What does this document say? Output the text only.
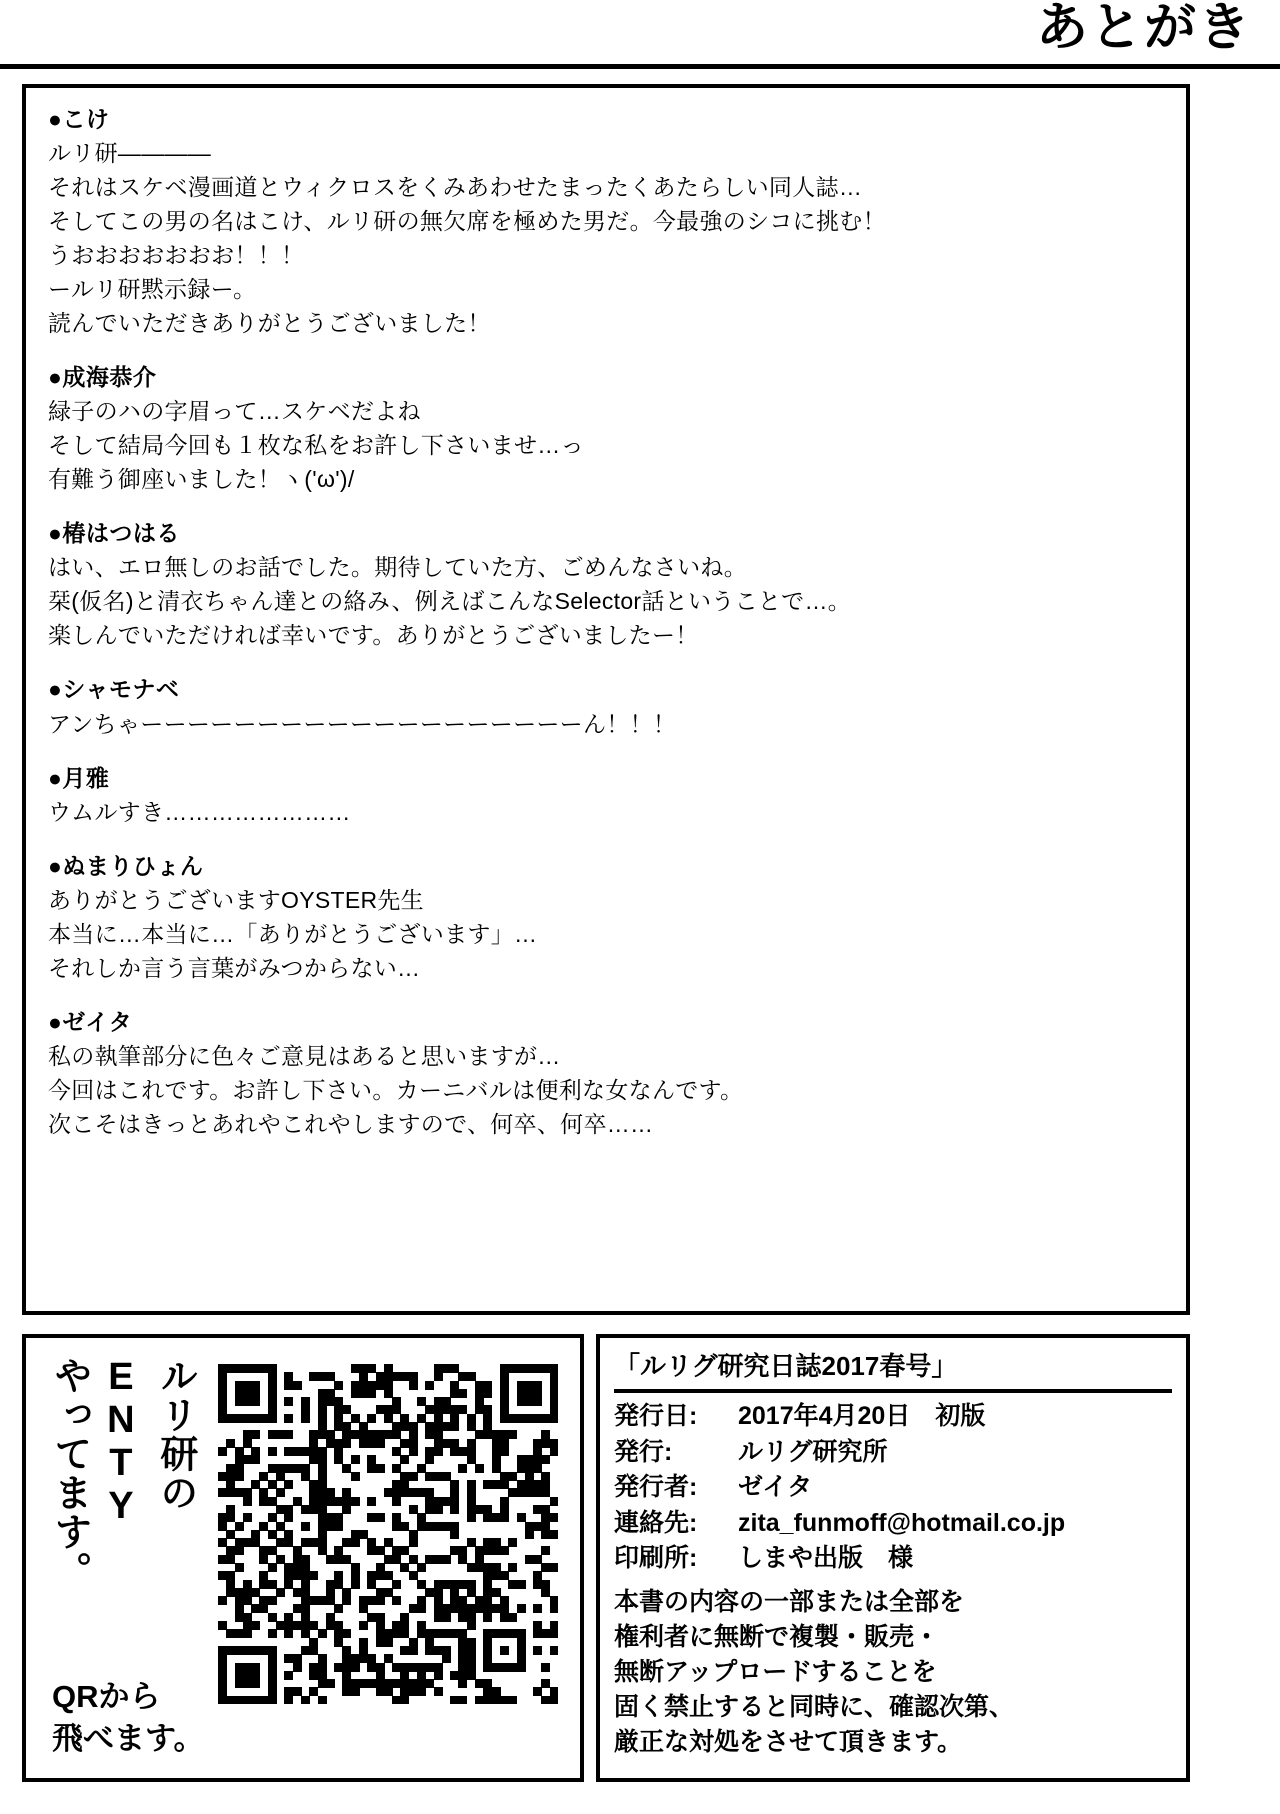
あとがき
●こけ
ルリ研————
それはスケベ漫画道とウィクロスをくみあわせたまったくあたらしい同人誌…
そしてこの男の名はこけ、ルリ研の無欠席を極めた男だ。今最強のシコに挑む！
うおおおおおおお！！！
ールリ研黙示録ー。
読んでいただきありがとうございました！
●成海恭介
緑子のハの字眉って…スケベだよね
そして結局今回も１枚な私をお許し下さいませ…っ
有難う御座いました！ヽ('ω')/
●椿はつはる
はい、エロ無しのお話でした。期待していた方、ごめんなさいね。
栞(仮名)と清衣ちゃん達との絡み、例えばこんなSelector話ということで…。
楽しんでいただければ幸いです。ありがとうございましたー！
●シャモナベ
アンちゃーーーーーーーーーーーーーーーーーーーん！！！
●月雅
ウムルすき……………………
●ぬまりひょん
ありがとうございますOYSTER先生
本当に…本当に…「ありがとうございます」…
それしか言う言葉がみつからない…
●ゼイタ
私の執筆部分に色々ご意見はあると思いますが…
今回はこれです。お許し下さい。カーニバルは便利な女なんです。
次こそはきっとあれやこれやしますので、何卒、何卒……
ルリ研の
ENTY
やってます。
QRから
飛べます。
「ルリグ研究日誌2017春号」
発行日:	2017年4月20日　初版
発行:	ルリグ研究所
発行者:	ゼイタ
連絡先:	zita_funmoff@hotmail.co.jp
印刷所:	しまや出版　様
本書の内容の一部または全部を
権利者に無断で複製・販売・
無断アップロードすることを
固く禁止すると同時に、確認次第、
厳正な対処をさせて頂きます。
